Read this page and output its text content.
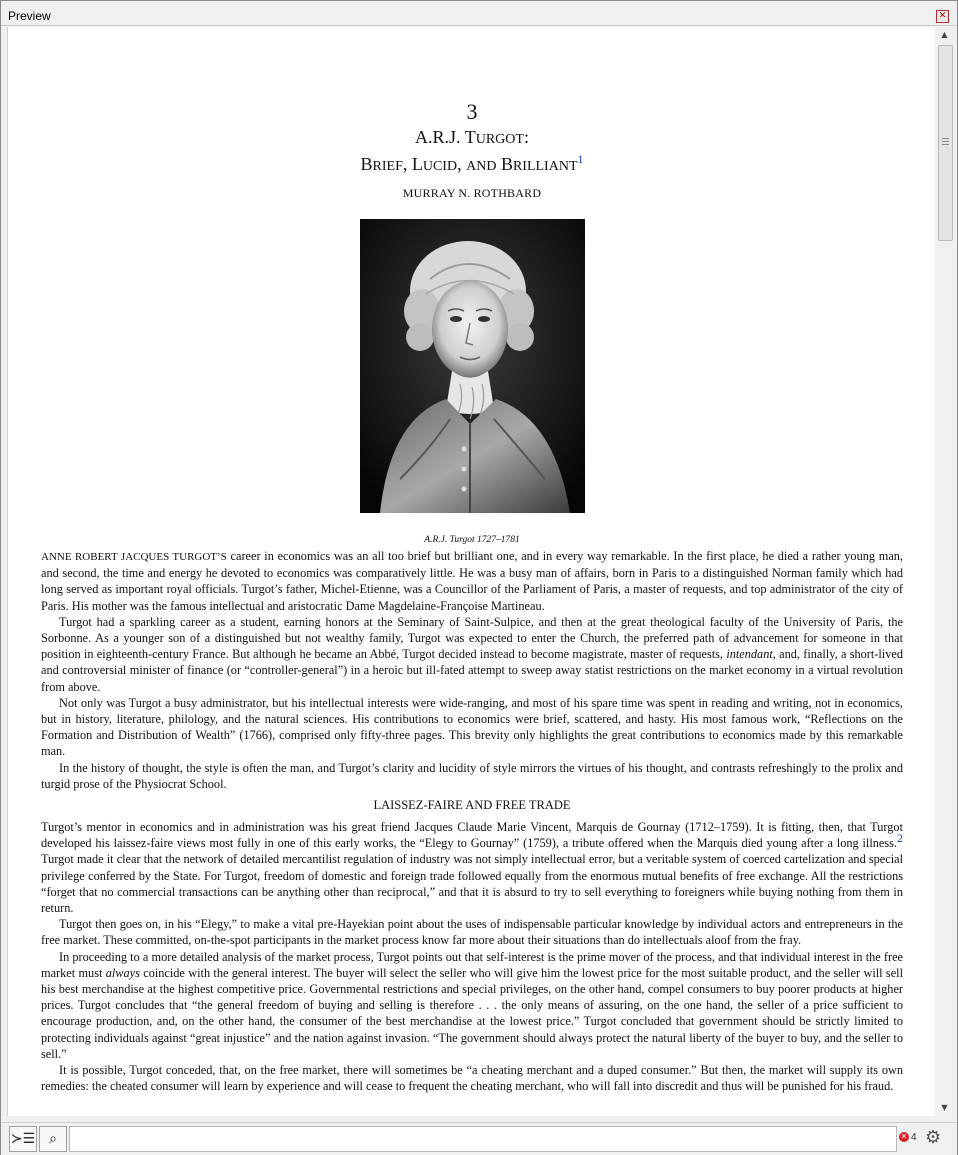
Preview	✕
3
A.R.J. TURGOT:
BRIEF, LUCID, AND BRILLIANT$^1$
MURRAY N. ROTHBARD
A.R.J. Turgot 1727–1781

ANNE ROBERT JACQUES TURGOT’S career in economics was an all too brief but brilliant one, and in every way remarkable. In the first place, he died a rather young man, and second, the time and energy he devoted to economics was comparatively little. He was a busy man of affairs, born in Paris to a distinguished Norman family which had long served as important royal officials. Turgot’s father, Michel-Etienne, was a Councillor of the Parliament of Paris, a master of requests, and top administrator of the city of Paris. His mother was the famous intellectual and aristocratic Dame Magdelaine-Françoise Martineau.

Turgot had a sparkling career as a student, earning honors at the Seminary of Saint-Sulpice, and then at the great theological faculty of the University of Paris, the Sorbonne. As a younger son of a distinguished but not wealthy family, Turgot was expected to enter the Church, the preferred path of advancement for someone in that position in eighteenth-century France. But although he became an Abbé, Turgot decided instead to become magistrate, master of requests, intendant, and, finally, a short-lived and controversial minister of finance (or “controller-general”) in a heroic but ill-fated attempt to sweep away statist restrictions on the market economy in a virtual revolution from above.

Not only was Turgot a busy administrator, but his intellectual interests were wide-ranging, and most of his spare time was spent in reading and writing, not in economics, but in history, literature, philology, and the natural sciences. His contributions to economics were brief, scattered, and hasty. His most famous work, “Reflections on the Formation and Distribution of Wealth” (1766), comprised only fifty-three pages. This brevity only highlights the great contributions to economics made by this remarkable man.

In the history of thought, the style is often the man, and Turgot’s clarity and lucidity of style mirrors the virtues of his thought, and contrasts refreshingly to the prolix and turgid prose of the Physiocrat School.

LAISSEZ-FAIRE AND FREE TRADE

Turgot’s mentor in economics and in administration was his great friend Jacques Claude Marie Vincent, Marquis de Gournay (1712–1759). It is fitting, then, that Turgot developed his laissez-faire views most fully in one of this early works, the “Elegy to Gournay” (1759), a tribute offered when the Marquis died young after a long illness.2 Turgot made it clear that the network of detailed mercantilist regulation of industry was not simply intellectual error, but a veritable system of coerced cartelization and special privilege conferred by the State. For Turgot, freedom of domestic and foreign trade followed equally from the enormous mutual benefits of free exchange. All the restrictions “forget that no commercial transactions can be anything other than reciprocal,” and that it is absurd to try to sell everything to foreigners while buying nothing from them in return.

Turgot then goes on, in his “Elegy,” to make a vital pre-Hayekian point about the uses of indispensable particular knowledge by individual actors and entrepreneurs in the free market. These committed, on-the-spot participants in the market process know far more about their situations than do intellectuals aloof from the fray.

In proceeding to a more detailed analysis of the market process, Turgot points out that self-interest is the prime mover of the process, and that individual interest in the free market must always coincide with the general interest. The buyer will select the seller who will give him the lowest price for the most suitable product, and the seller will sell his best merchandise at the highest competitive price. Governmental restrictions and special privileges, on the other hand, compel consumers to buy poorer products at higher prices. Turgot concludes that “the general freedom of buying and selling is therefore . . . the only means of assuring, on the one hand, the seller of a price sufficient to encourage production, and, on the other hand, the consumer of the best merchandise at the lowest price.” Turgot concluded that government should be strictly limited to protecting individuals against “great injustice” and the nation against invasion. “The government should always protect the natural liberty of the buyer to buy, and the seller to sell.”

It is possible, Turgot conceded, that, on the free market, there will sometimes be “a cheating merchant and a duped consumer.” But then, the market will supply its own remedies: the cheated consumer will learn by experience and will cease to frequent the cheating merchant, who will fall into discredit and thus will be punished for his fraud.

▲
▼
≻☰ ⌕	✕ 4 ⚙
